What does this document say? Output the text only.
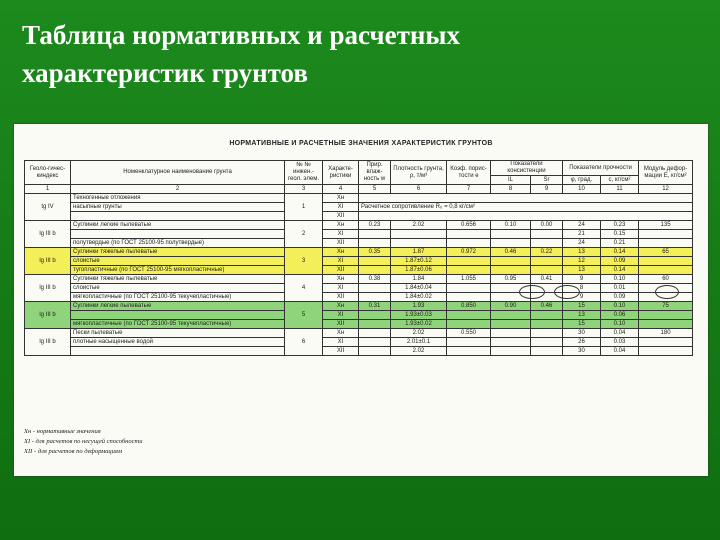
Таблица нормативных и расчетных
характеристик грунтов
НОРМАТИВНЫЕ И РАСЧЕТНЫЕ ЗНАЧЕНИЯ ХАРАКТЕРИСТИК ГРУНТОВ
Геоло-гичес-киндекс	Номенклатурное наименование грунта	№ № инжен.-геол. элем.	Характе-ристики	Прир. влаж-ность w	Плотность грунта, ρ, т/м³	Коэф. порис-тости e	Показатели консистенции		Показатели прочности		Модуль дефор-мации E, кг/см²
							IL	Sr	φ, град.	c, кг/см²	
1	2	3	4	5	6	7	8	9	10	11	12
tg IV	Техногенные отложения	1	Xн								
	насыпные грунты		XI	Расчетное сопротивление R₀ = 0,8 кг/см²							
			XII								
lg III b	Суглинки легкие пылеватые	2	Xн	0.23	2.02	0.656	0.10	0.00	24	0.23	135
			XI						21	0.15	
	полутвердые (по ГОСТ 25100-95 полутвердые)		XII						24	0.21	
lg III b	Суглинки тяжелые пылеватые	3	Xн	0.35	1.87	0.972	0.46	0.22	13	0.14	65
	слоистые		XI		1.87±0.12				12	0.09	
	тугопластичные (по ГОСТ 25100-95 мягкопластичные)		XII		1.87±0.06				13	0.14	
lg III b	Суглинки тяжелые пылеватые	4	Xн	0.38	1.84	1.055	0.95	0.41	9	0.10	60
	слоистые		XI		1.84±0.04				8	0.01	
	мягкопластичные (по ГОСТ 25100-95 текучепластичные)		XII		1.84±0.02				9	0.09	
lg III b	Суглинки легкие пылеватые	5	Xн	0.31	1.93	0.850	0.90	0.46	15	0.10	75
			XI		1.93±0.03				13	0.06	
	мягкопластичные (по ГОСТ 25100-95 текучепластичные)		XII		1.93±0.02				15	0.10	
lg III b	Пески пылеватые	6	Xн		2.02	0.550			30	0.04	180
	плотные насыщенные водой		XI		2.01±0.1				26	0.03	
			XII		2.02				30	0.04	
Xн - нормативные значения
XI - для расчетов по несущей способности
XII - для расчетов по деформациям
